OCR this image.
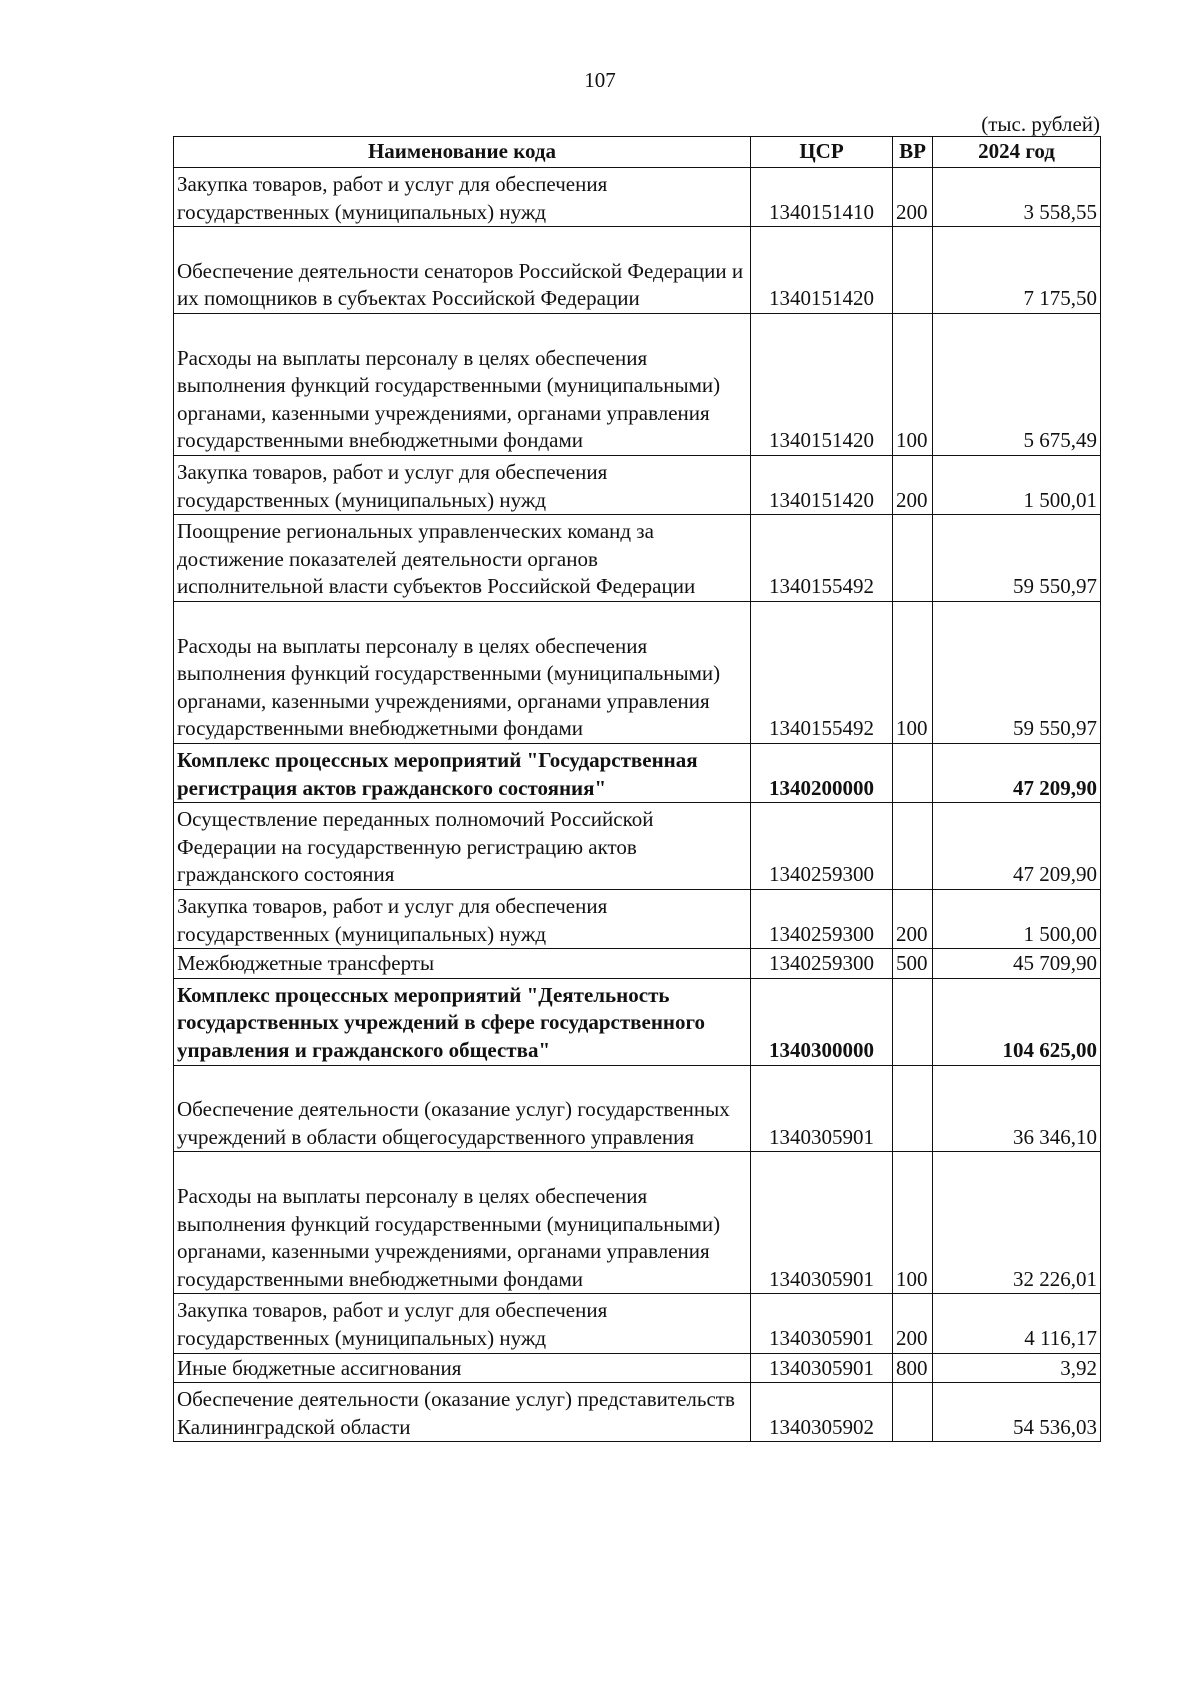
107
(тыс. рублей)
Наименование кода	ЦСР	ВР	2024 год
Закупка товаров, работ и услуг для обеспечения государственных (муниципальных) нужд	1340151410	200	3 558,55
Обеспечение деятельности сенаторов Российской Федерации и их помощников в субъектах Российской Федерации	1340151420		7 175,50
Расходы на выплаты персоналу в целях обеспечения выполнения функций государственными (муниципальными) органами, казенными учреждениями, органами управления государственными внебюджетными фондами	1340151420	100	5 675,49
Закупка товаров, работ и услуг для обеспечения государственных (муниципальных) нужд	1340151420	200	1 500,01
Поощрение региональных управленческих команд за достижение показателей деятельности органов исполнительной власти субъектов Российской Федерации	1340155492		59 550,97
Расходы на выплаты персоналу в целях обеспечения выполнения функций государственными (муниципальными) органами, казенными учреждениями, органами управления государственными внебюджетными фондами	1340155492	100	59 550,97
Комплекс процессных мероприятий "Государственная регистрация актов гражданского состояния"	1340200000		47 209,90
Осуществление переданных полномочий Российской Федерации на государственную регистрацию актов гражданского состояния	1340259300		47 209,90
Закупка товаров, работ и услуг для обеспечения государственных (муниципальных) нужд	1340259300	200	1 500,00
Межбюджетные трансферты	1340259300	500	45 709,90
Комплекс процессных мероприятий "Деятельность государственных учреждений в сфере государственного управления и гражданского общества"	1340300000		104 625,00
Обеспечение деятельности (оказание услуг) государственных учреждений в области общегосударственного управления	1340305901		36 346,10
Расходы на выплаты персоналу в целях обеспечения выполнения функций государственными (муниципальными) органами, казенными учреждениями, органами управления государственными внебюджетными фондами	1340305901	100	32 226,01
Закупка товаров, работ и услуг для обеспечения государственных (муниципальных) нужд	1340305901	200	4 116,17
Иные бюджетные ассигнования	1340305901	800	3,92
Обеспечение деятельности (оказание услуг) представительств Калининградской области	1340305902		54 536,03
